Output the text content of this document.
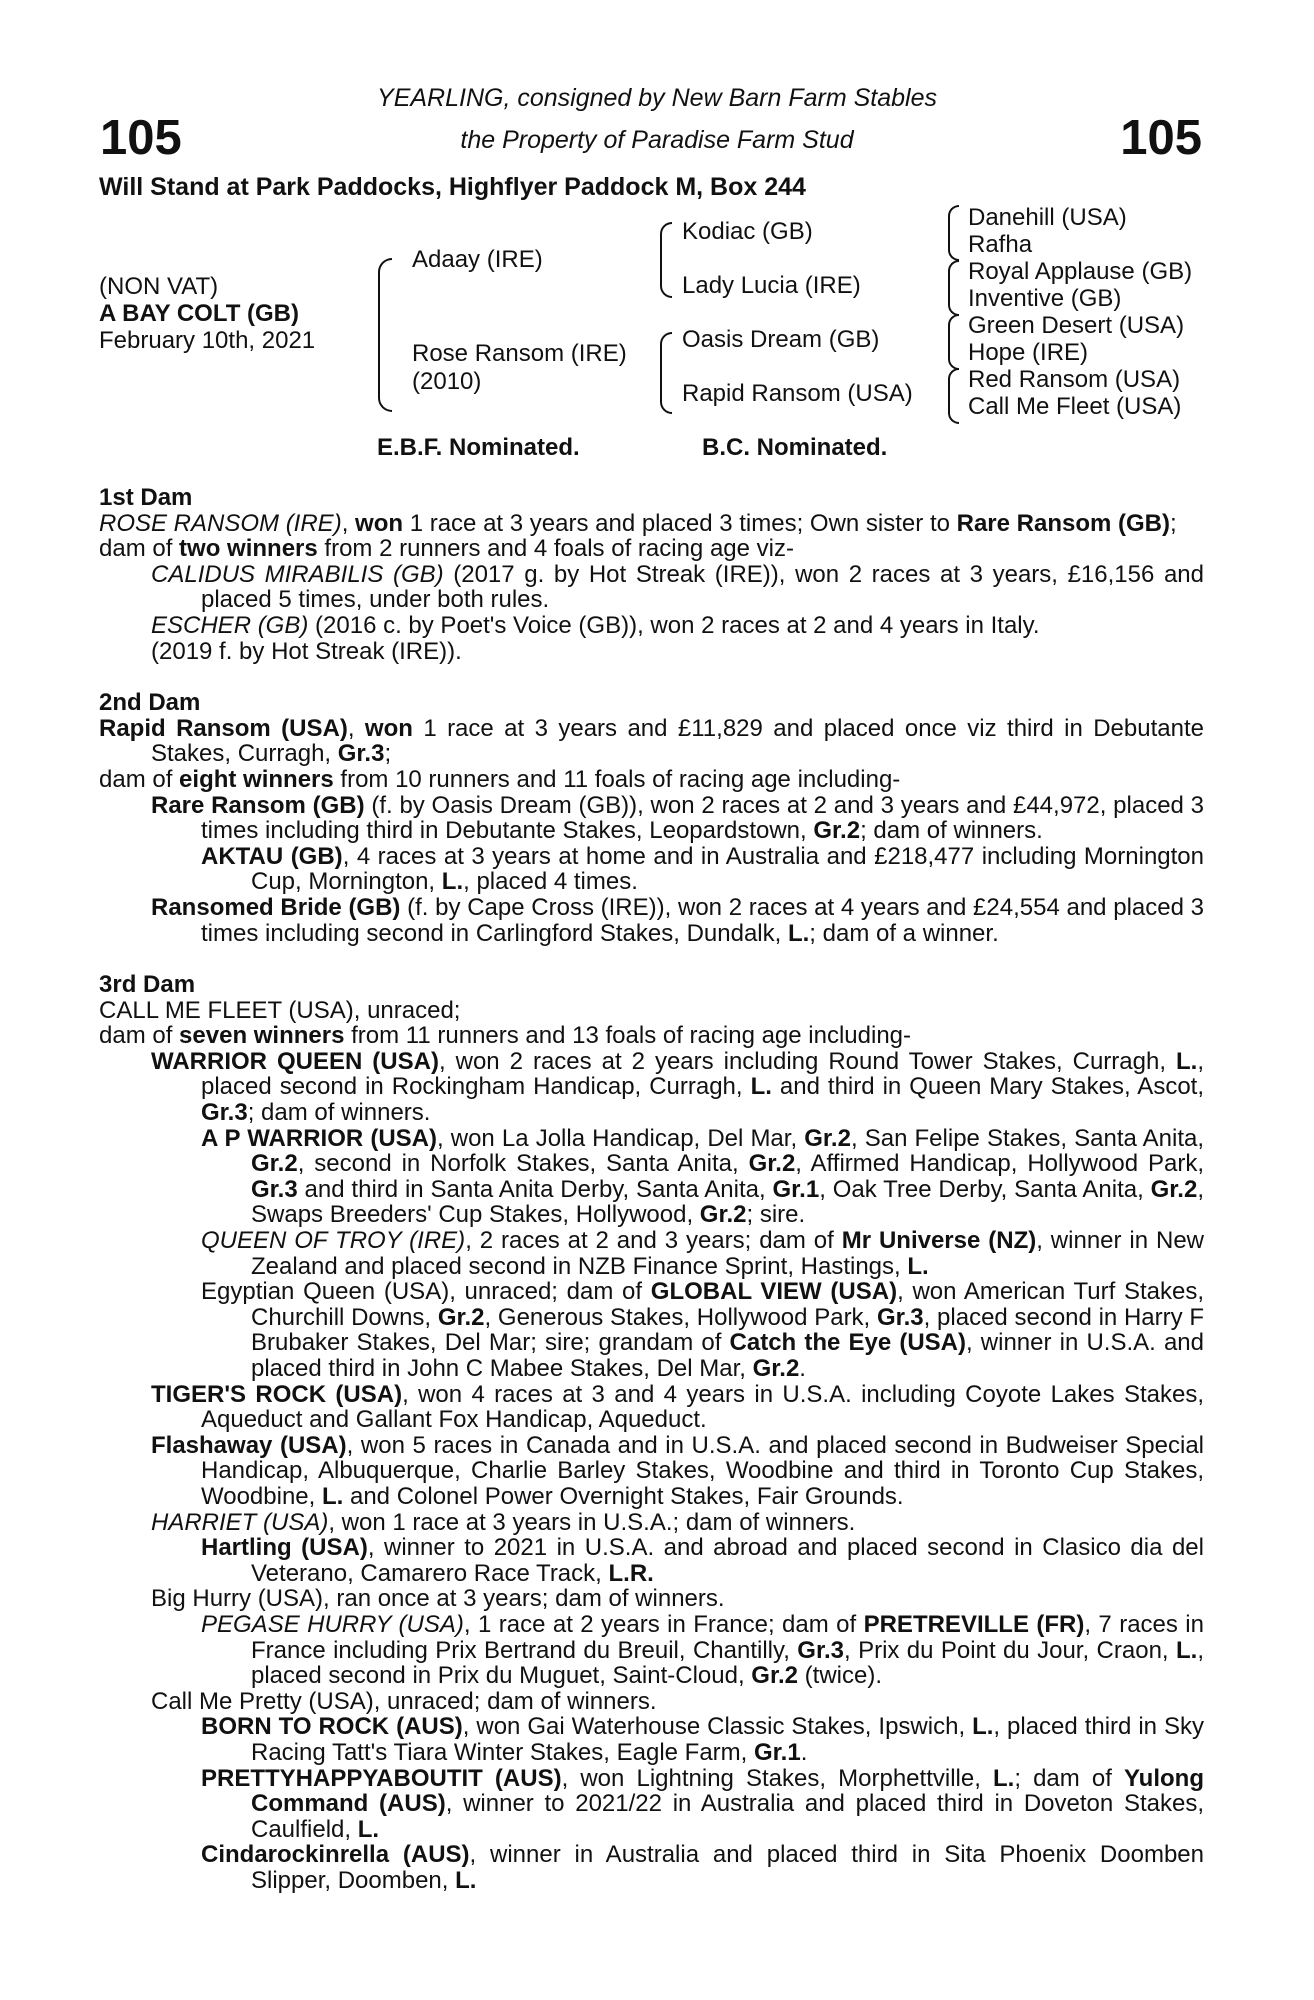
105	105
YEARLING, consigned by New Barn Farm Stables
the Property of Paradise Farm Stud
Will Stand at Park Paddocks, Highflyer Paddock M, Box 244
(NON VAT)
A BAY COLT (GB)
February 10th, 2021
Adaay (IRE)
Rose Ransom (IRE)
(2010)
Kodiac (GB)
Lady Lucia (IRE)
Oasis Dream (GB)
Rapid Ransom (USA)
Danehill (USA)
Rafha
Royal Applause (GB)
Inventive (GB)
Green Desert (USA)
Hope (IRE)
Red Ransom (USA)
Call Me Fleet (USA)
E.B.F. Nominated.	B.C. Nominated.
1st Dam
ROSE RANSOM (IRE), won 1 race at 3 years and placed 3 times; Own sister to Rare Ransom (GB);
dam of two winners from 2 runners and 4 foals of racing age viz-
CALIDUS MIRABILIS (GB) (2017 g. by Hot Streak (IRE)), won 2 races at 3 years, £16,156 and placed 5 times, under both rules.
ESCHER (GB) (2016 c. by Poet's Voice (GB)), won 2 races at 2 and 4 years in Italy.
(2019 f. by Hot Streak (IRE)).
2nd Dam
Rapid Ransom (USA), won 1 race at 3 years and £11,829 and placed once viz third in Debutante Stakes, Curragh, Gr.3;
dam of eight winners from 10 runners and 11 foals of racing age including-
Rare Ransom (GB) (f. by Oasis Dream (GB)), won 2 races at 2 and 3 years and £44,972, placed 3 times including third in Debutante Stakes, Leopardstown, Gr.2; dam of winners.
AKTAU (GB), 4 races at 3 years at home and in Australia and £218,477 including Mornington Cup, Mornington, L., placed 4 times.
Ransomed Bride (GB) (f. by Cape Cross (IRE)), won 2 races at 4 years and £24,554 and placed 3 times including second in Carlingford Stakes, Dundalk, L.; dam of a winner.
3rd Dam
CALL ME FLEET (USA), unraced;
dam of seven winners from 11 runners and 13 foals of racing age including-
WARRIOR QUEEN (USA), won 2 races at 2 years including Round Tower Stakes, Curragh, L., placed second in Rockingham Handicap, Curragh, L. and third in Queen Mary Stakes, Ascot, Gr.3; dam of winners.
A P WARRIOR (USA), won La Jolla Handicap, Del Mar, Gr.2, San Felipe Stakes, Santa Anita, Gr.2, second in Norfolk Stakes, Santa Anita, Gr.2, Affirmed Handicap, Hollywood Park, Gr.3 and third in Santa Anita Derby, Santa Anita, Gr.1, Oak Tree Derby, Santa Anita, Gr.2, Swaps Breeders' Cup Stakes, Hollywood, Gr.2; sire.
QUEEN OF TROY (IRE), 2 races at 2 and 3 years; dam of Mr Universe (NZ), winner in New Zealand and placed second in NZB Finance Sprint, Hastings, L.
Egyptian Queen (USA), unraced; dam of GLOBAL VIEW (USA), won American Turf Stakes, Churchill Downs, Gr.2, Generous Stakes, Hollywood Park, Gr.3, placed second in Harry F Brubaker Stakes, Del Mar; sire; grandam of Catch the Eye (USA), winner in U.S.A. and placed third in John C Mabee Stakes, Del Mar, Gr.2.
TIGER'S ROCK (USA), won 4 races at 3 and 4 years in U.S.A. including Coyote Lakes Stakes, Aqueduct and Gallant Fox Handicap, Aqueduct.
Flashaway (USA), won 5 races in Canada and in U.S.A. and placed second in Budweiser Special Handicap, Albuquerque, Charlie Barley Stakes, Woodbine and third in Toronto Cup Stakes, Woodbine, L. and Colonel Power Overnight Stakes, Fair Grounds.
HARRIET (USA), won 1 race at 3 years in U.S.A.; dam of winners.
Hartling (USA), winner to 2021 in U.S.A. and abroad and placed second in Clasico dia del Veterano, Camarero Race Track, L.R.
Big Hurry (USA), ran once at 3 years; dam of winners.
PEGASE HURRY (USA), 1 race at 2 years in France; dam of PRETREVILLE (FR), 7 races in France including Prix Bertrand du Breuil, Chantilly, Gr.3, Prix du Point du Jour, Craon, L., placed second in Prix du Muguet, Saint-Cloud, Gr.2 (twice).
Call Me Pretty (USA), unraced; dam of winners.
BORN TO ROCK (AUS), won Gai Waterhouse Classic Stakes, Ipswich, L., placed third in Sky Racing Tatt's Tiara Winter Stakes, Eagle Farm, Gr.1.
PRETTYHAPPYABOUTIT (AUS), won Lightning Stakes, Morphettville, L.; dam of Yulong Command (AUS), winner to 2021/22 in Australia and placed third in Doveton Stakes, Caulfield, L.
Cindarockinrella (AUS), winner in Australia and placed third in Sita Phoenix Doomben Slipper, Doomben, L.
